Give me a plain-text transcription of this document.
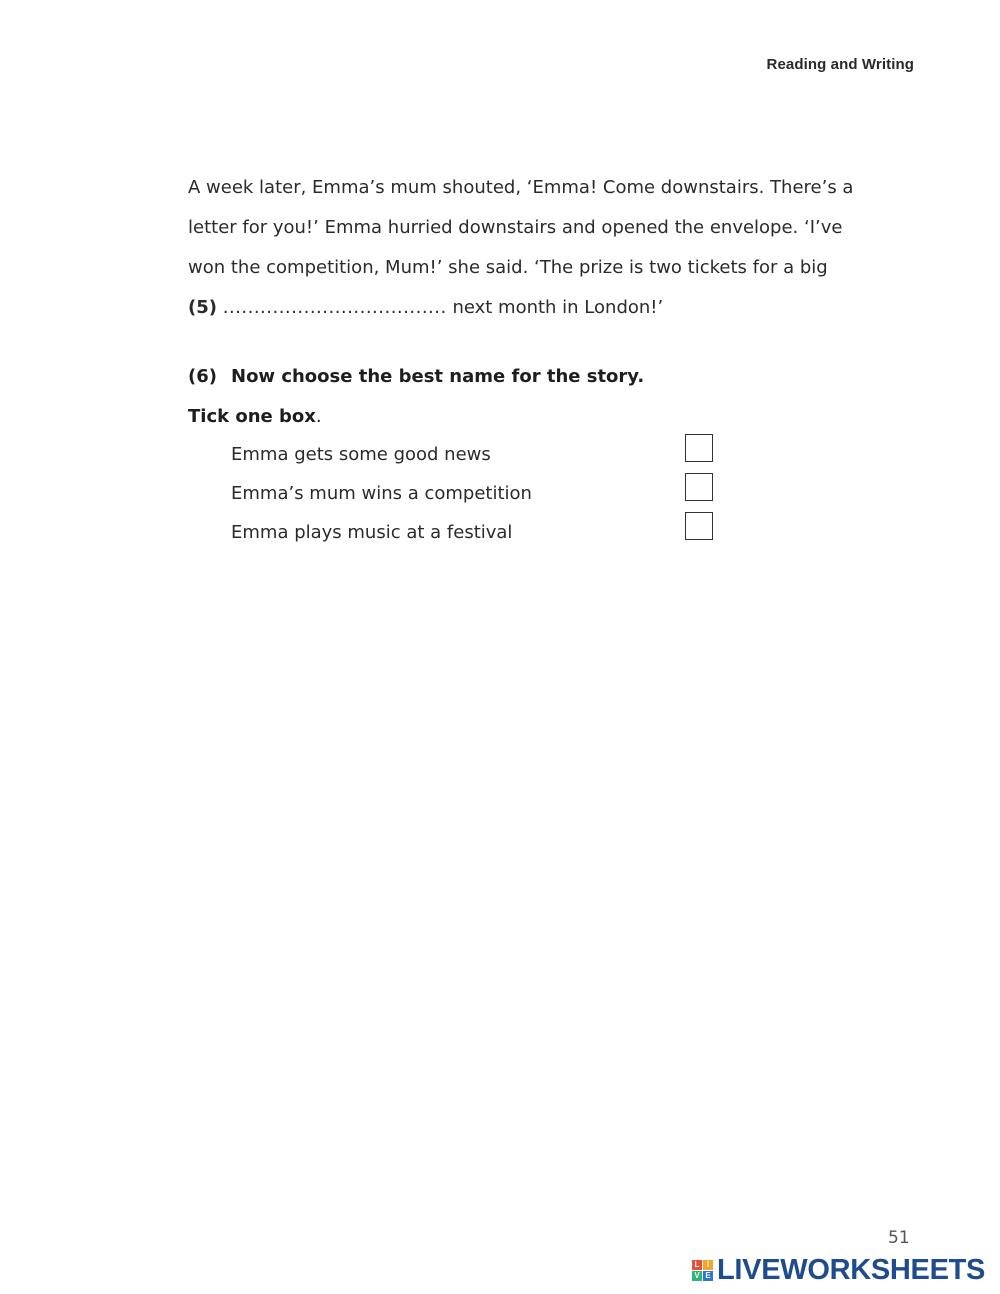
Reading and Writing

A week later, Emma’s mum shouted, ‘Emma! Come downstairs. There’s a

letter for you!’ Emma hurried downstairs and opened the envelope. ‘I’ve

won the competition, Mum!’ she said. ‘The prize is two tickets for a big

(5) .................................... next month in London!’

(6) Now choose the best name for the story.
Tick one box.
Emma gets some good news
Emma’s mum wins a competition
Emma plays music at a festival
51
L I
V E LIVEWORKSHEETS
